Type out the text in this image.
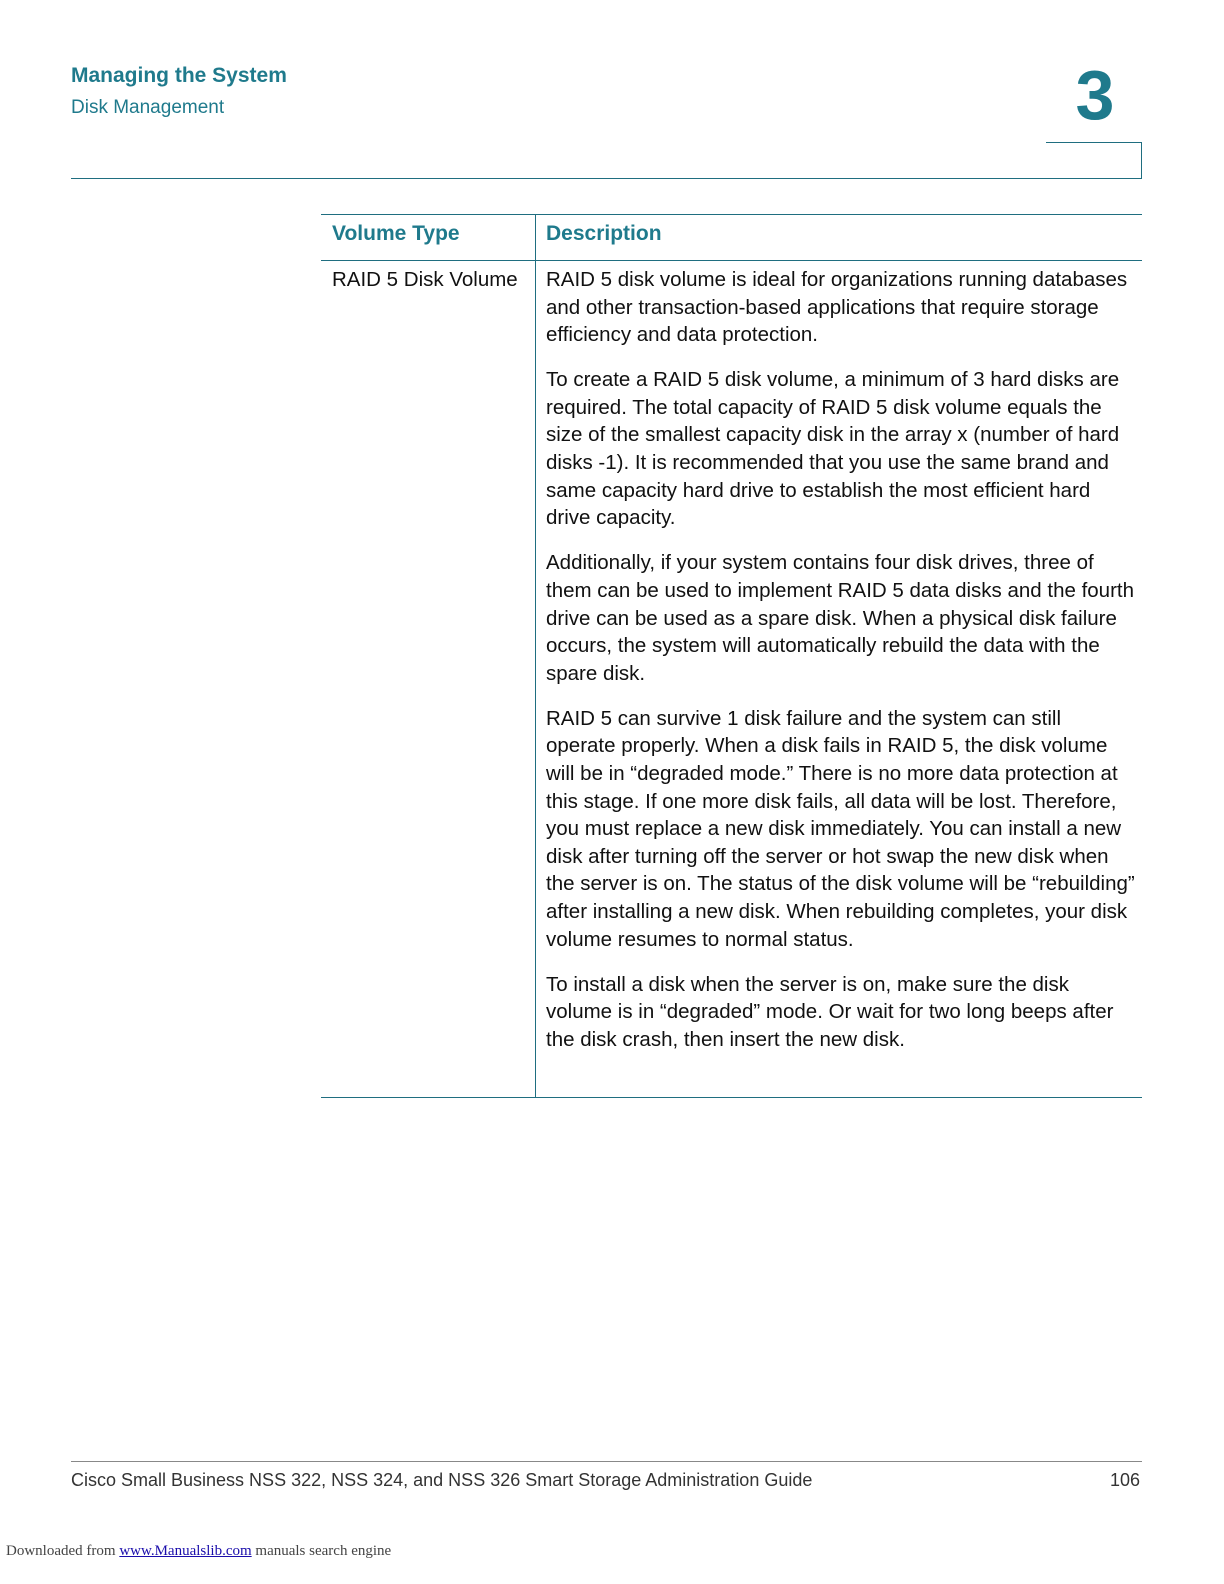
Managing the System
Disk Management	3
Volume Type	Description
RAID 5 Disk Volume	RAID 5 disk volume is ideal for organizations running databases and other transaction-based applications that require storage efficiency and data protection.

To create a RAID 5 disk volume, a minimum of 3 hard disks are required. The total capacity of RAID 5 disk volume equals the size of the smallest capacity disk in the array x (number of hard disks -1). It is recommended that you use the same brand and same capacity hard drive to establish the most efficient hard drive capacity.

Additionally, if your system contains four disk drives, three of them can be used to implement RAID 5 data disks and the fourth drive can be used as a spare disk. When a physical disk failure occurs, the system will automatically rebuild the data with the spare disk.

RAID 5 can survive 1 disk failure and the system can still operate properly. When a disk fails in RAID 5, the disk volume will be in “degraded mode.” There is no more data protection at this stage. If one more disk fails, all data will be lost. Therefore, you must replace a new disk immediately. You can install a new disk after turning off the server or hot swap the new disk when the server is on. The status of the disk volume will be “rebuilding” after installing a new disk. When rebuilding completes, your disk volume resumes to normal status.

To install a disk when the server is on, make sure the disk volume is in “degraded” mode. Or wait for two long beeps after the disk crash, then insert the new disk.

Cisco Small Business NSS 322, NSS 324, and NSS 326 Smart Storage Administration Guide	106
Downloaded from www.Manualslib.com manuals search engine
